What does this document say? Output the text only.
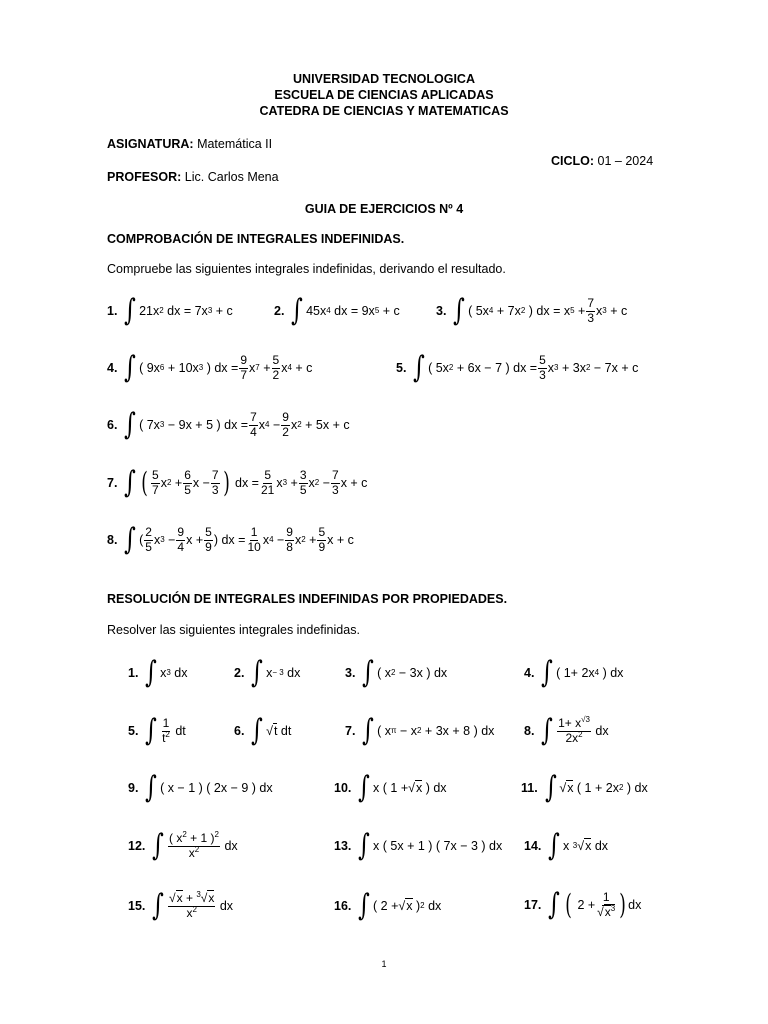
UNIVERSIDAD TECNOLOGICA
ESCUELA DE CIENCIAS APLICADAS
CATEDRA DE CIENCIAS Y MATEMATICAS
ASIGNATURA: Matemática II
CICLO: 01 – 2024
PROFESOR: Lic. Carlos Mena
GUIA DE EJERCICIOS Nº 4
COMPROBACIÓN DE INTEGRALES INDEFINIDAS.
Compruebe las siguientes integrales indefinidas, derivando el resultado.
1. ∫ 21x 2 dx = 7x 3 + c	2. ∫ 45x 4 dx = 9x 5 + c	3. ∫ ( 5x 4 + 7x 2 ) dx = x $5 + \frac{7}{3}$ x 3 + c
4. ∫ ( 9x 6 + 10x 3 ) dx = $\frac{9}{7}$ x $7 + \frac{5}{2}$ x 4 + c	5. ∫ ( 5x 2 + 6x − 7 ) dx = $\frac{5}{3}$ x 3 + 3x 2 − 7x + c
6. ∫ ( 7x 3 − 9x + 5 ) dx = $\frac{7}{4}$ x $4 - \frac{9}{2}$ x 2 + 5x + c
7. ∫ ( $\frac{5}{7}$ x $2 + \frac{6}{5}$ $x - \frac{7}{3}$ ) dx = $\frac{5}{21}$ x $3 + \frac{3}{5}$ x $2 - \frac{7}{3}$ x + c
8. ∫ ( $\frac{2}{5}$ x $3 - \frac{9}{4}$ $x + \frac{5}{9}$ ) dx = $\frac{1}{10}$ x $4 - \frac{9}{8}$ x $2 + \frac{5}{9}$ x + c
RESOLUCIÓN DE INTEGRALES INDEFINIDAS POR PROPIEDADES.
Resolver las siguientes integrales indefinidas.
1. ∫ x 3 dx	2. ∫ x − 3 dx	3. ∫ ( x 2 − 3x ) dx	4. ∫ ( 1+ 2x 4 ) dx
5. ∫ $\frac{1}{t^2}$ dt	6. ∫ √t dt	7. ∫ ( x π − x 2 + 3x + 8 ) dx 8. ∫ $\frac{1+ x^{√3}}{2x^2}$ dx
9. ∫ ( x − 1 ) ( 2x − 9 ) dx	10. ∫ x ( 1 + √x ) dx	11. ∫ √x ( 1 + 2x 2 ) dx
12. ∫ $\frac{( x^2 + 1 )^2}{x^2}$ dx	13. ∫ x ( 5x + 1 ) ( 7x − 3 ) dx 14. ∫ x 3 √x dx
15. ∫ $\frac{√x + ^3√x}{x^2}$ dx	16. ∫ ( 2 + √x ) 2 dx	17. ∫ ( $2 + \frac{1}{√x^3}$ ) dx
1
